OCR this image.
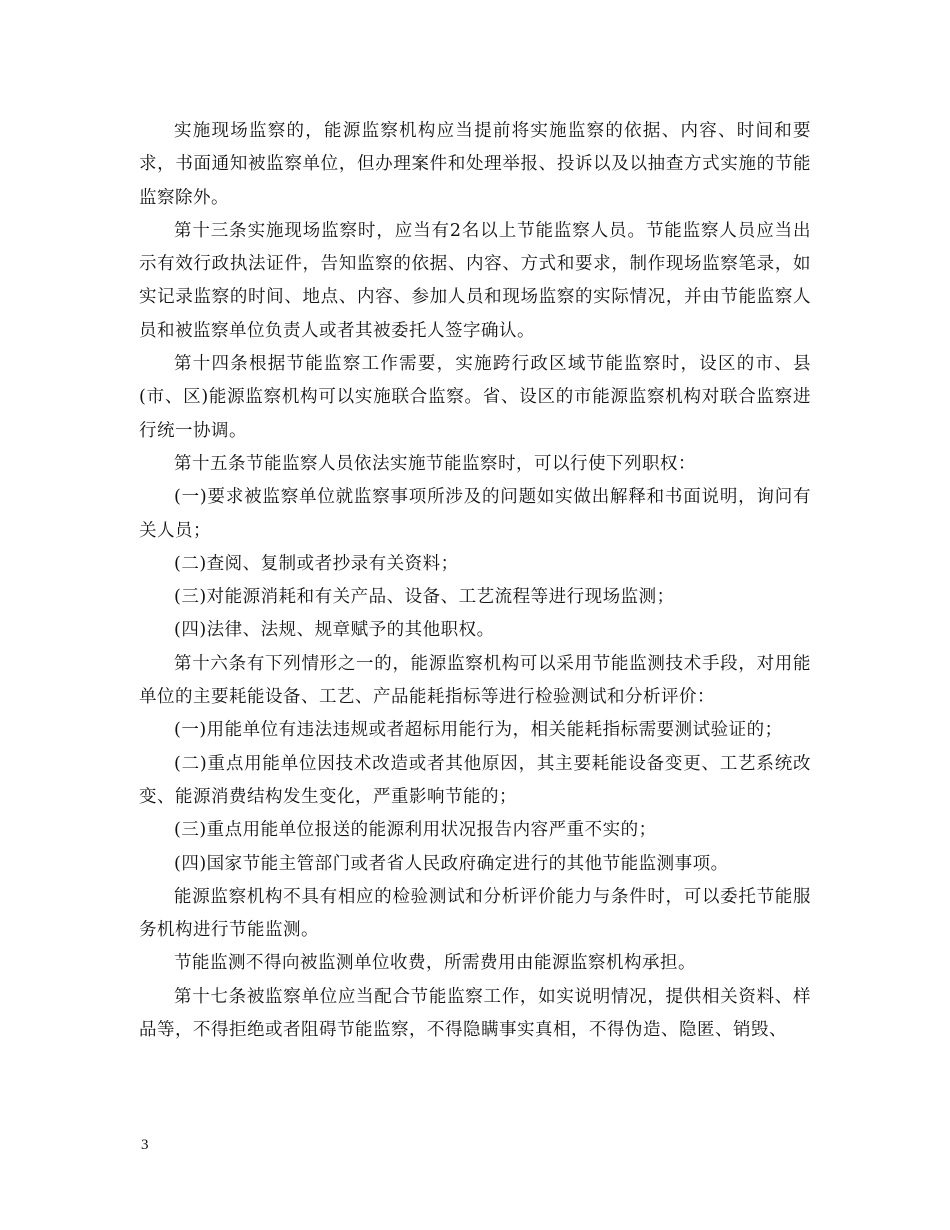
实施现场监察的，能源监察机构应当提前将实施监察的依据、内容、时间和要求，书面通知被监察单位，但办理案件和处理举报、投诉以及以抽查方式实施的节能监察除外。

第十三条实施现场监察时，应当有2名以上节能监察人员。节能监察人员应当出示有效行政执法证件，告知监察的依据、内容、方式和要求，制作现场监察笔录，如实记录监察的时间、地点、内容、参加人员和现场监察的实际情况，并由节能监察人员和被监察单位负责人或者其被委托人签字确认。

第十四条根据节能监察工作需要，实施跨行政区域节能监察时，设区的市、县(市、区)能源监察机构可以实施联合监察。省、设区的市能源监察机构对联合监察进行统一协调。

第十五条节能监察人员依法实施节能监察时，可以行使下列职权：

(一)要求被监察单位就监察事项所涉及的问题如实做出解释和书面说明，询问有关人员；

(二)查阅、复制或者抄录有关资料；

(三)对能源消耗和有关产品、设备、工艺流程等进行现场监测；

(四)法律、法规、规章赋予的其他职权。

第十六条有下列情形之一的，能源监察机构可以采用节能监测技术手段，对用能单位的主要耗能设备、工艺、产品能耗指标等进行检验测试和分析评价：

(一)用能单位有违法违规或者超标用能行为，相关能耗指标需要测试验证的；

(二)重点用能单位因技术改造或者其他原因，其主要耗能设备变更、工艺系统改变、能源消费结构发生变化，严重影响节能的；

(三)重点用能单位报送的能源利用状况报告内容严重不实的；

(四)国家节能主管部门或者省人民政府确定进行的其他节能监测事项。

能源监察机构不具有相应的检验测试和分析评价能力与条件时，可以委托节能服务机构进行节能监测。

节能监测不得向被监测单位收费，所需费用由能源监察机构承担。

第十七条被监察单位应当配合节能监察工作，如实说明情况，提供相关资料、样品等，不得拒绝或者阻碍节能监察，不得隐瞒事实真相，不得伪造、隐匿、销毁、

3
